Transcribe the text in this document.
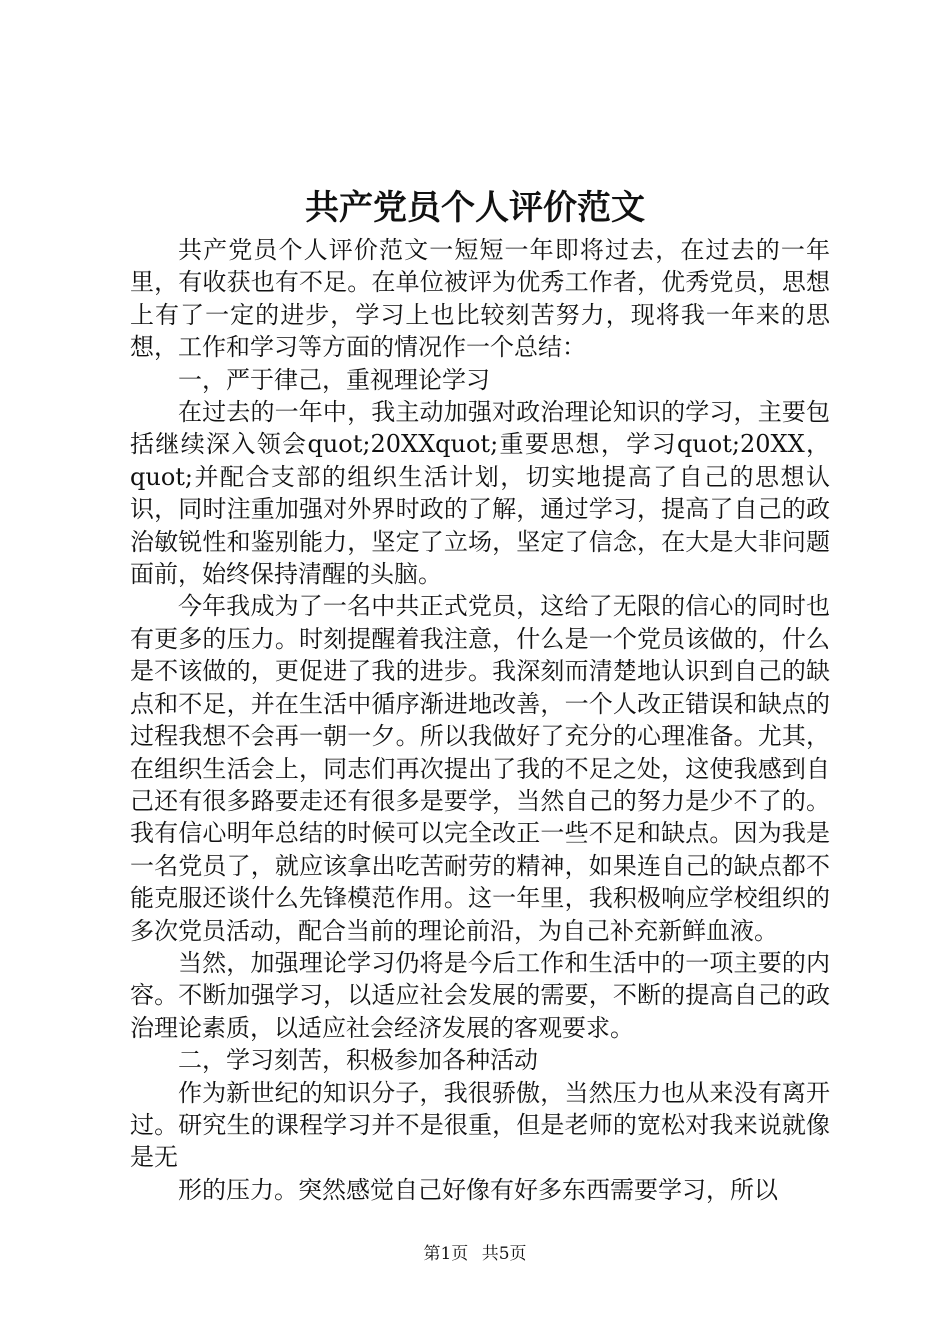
共产党员个人评价范文

共产党员个人评价范文一短短一年即将过去，在过去的一年里，有收获也有不足。在单位被评为优秀工作者，优秀党员，思想上有了一定的进步，学习上也比较刻苦努力，现将我一年来的思想，工作和学习等方面的情况作一个总结：

一，严于律己，重视理论学习

在过去的一年中，我主动加强对政治理论知识的学习，主要包括继续深入领会quot;20XXquot;重要思想，学习quot;20XX，quot;并配合支部的组织生活计划，切实地提高了自己的思想认识，同时注重加强对外界时政的了解，通过学习，提高了自己的政治敏锐性和鉴别能力，坚定了立场，坚定了信念，在大是大非问题面前，始终保持清醒的头脑。

今年我成为了一名中共正式党员，这给了无限的信心的同时也有更多的压力。时刻提醒着我注意，什么是一个党员该做的，什么是不该做的，更促进了我的进步。我深刻而清楚地认识到自己的缺点和不足，并在生活中循序渐进地改善，一个人改正错误和缺点的过程我想不会再一朝一夕。所以我做好了充分的心理准备。尤其，在组织生活会上，同志们再次提出了我的不足之处，这使我感到自己还有很多路要走还有很多是要学，当然自己的努力是少不了的。我有信心明年总结的时候可以完全改正一些不足和缺点。因为我是一名党员了，就应该拿出吃苦耐劳的精神，如果连自己的缺点都不能克服还谈什么先锋模范作用。这一年里，我积极响应学校组织的多次党员活动，配合当前的理论前沿，为自己补充新鲜血液。

当然，加强理论学习仍将是今后工作和生活中的一项主要的内容。不断加强学习，以适应社会发展的需要，不断的提高自己的政治理论素质，以适应社会经济发展的客观要求。

二，学习刻苦，积极参加各种活动

作为新世纪的知识分子，我很骄傲，当然压力也从来没有离开过。研究生的课程学习并不是很重，但是老师的宽松对我来说就像是无

形的压力。突然感觉自己好像有好多东西需要学习，所以

第1页 共5页
